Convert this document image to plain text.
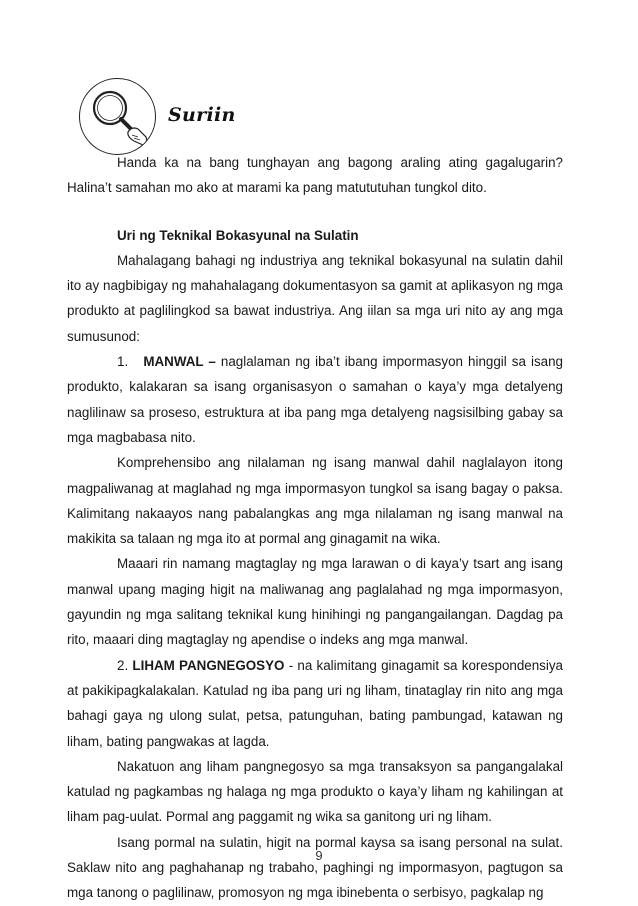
Suriin

Handa ka na bang tunghayan ang bagong araling ating gagalugarin? Halina’t samahan mo ako at marami ka pang matututuhan tungkol dito.

Uri ng Teknikal Bokasyunal na Sulatin

Mahalagang bahagi ng industriya ang teknikal bokasyunal na sulatin dahil ito ay nagbibigay ng mahahalagang dokumentasyon sa gamit at aplikasyon ng mga produkto at paglilingkod sa bawat industriya. Ang iilan sa mga uri nito ay ang mga sumusunod:

1. MANWAL – naglalaman ng iba’t ibang impormasyon hinggil sa isang produkto, kalakaran sa isang organisasyon o samahan o kaya’y mga detalyeng naglilinaw sa proseso, estruktura at iba pang mga detalyeng nagsisilbing gabay sa mga magbabasa nito.

Komprehensibo ang nilalaman ng isang manwal dahil naglalayon itong magpaliwanag at maglahad ng mga impormasyon tungkol sa isang bagay o paksa. Kalimitang nakaayos nang pabalangkas ang mga nilalaman ng isang manwal na makikita sa talaan ng mga ito at pormal ang ginagamit na wika.

Maaari rin namang magtaglay ng mga larawan o di kaya’y tsart ang isang manwal upang maging higit na maliwanag ang paglalahad ng mga impormasyon, gayundin ng mga salitang teknikal kung hinihingi ng pangangailangan. Dagdag pa rito, maaari ding magtaglay ng apendise o indeks ang mga manwal.

2. LIHAM PANGNEGOSYO - na kalimitang ginagamit sa korespondensiya at pakikipagkalakalan. Katulad ng iba pang uri ng liham, tinataglay rin nito ang mga bahagi gaya ng ulong sulat, petsa, patunguhan, bating pambungad, katawan ng liham, bating pangwakas at lagda.

Nakatuon ang liham pangnegosyo sa mga transaksyon sa pangangalakal katulad ng pagkambas ng halaga ng mga produkto o kaya’y liham ng kahilingan at liham pag-uulat. Pormal ang paggamit ng wika sa ganitong uri ng liham.

Isang pormal na sulatin, higit na pormal kaysa sa isang personal na sulat. Saklaw nito ang paghahanap ng trabaho, paghingi ng impormasyon, pagtugon sa mga tanong o paglilinaw, promosyon ng mga ibinebenta o serbisyo, pagkalap ng

9
